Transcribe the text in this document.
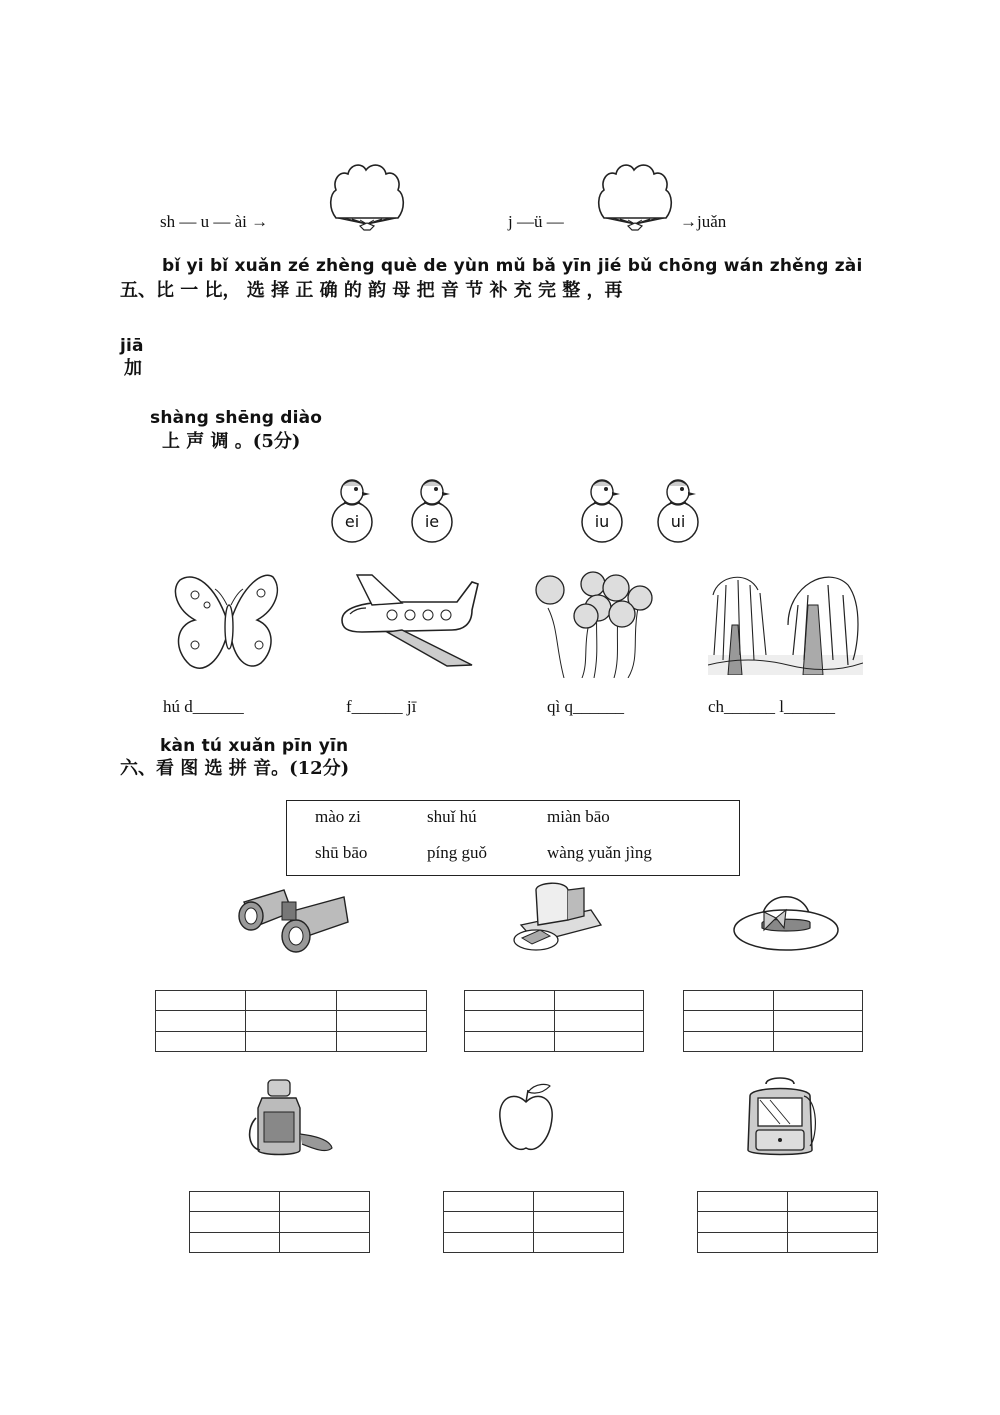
sh — u — ài →	j —ü —	→juǎn
bǐ yi bǐ xuǎn zé zhèng què de yùn mǔ bǎ yīn jié bǔ chōng wán zhěng zài
五、比 一 比， 选 择 正 确 的 韵 母 把 音 节 补 充 完 整 ，再
jiā
加
shàng shēng diào
上 声 调 。(5分)
ei	ie	iu	ui
hú d______	f______ jī	qì q______	ch______ l______
kàn tú xuǎn pīn yīn
六、看 图 选 拼 音。(12分)
mào zi	shuǐ hú	miàn bāo
shū bāo	píng guǒ	wàng yuǎn jìng
